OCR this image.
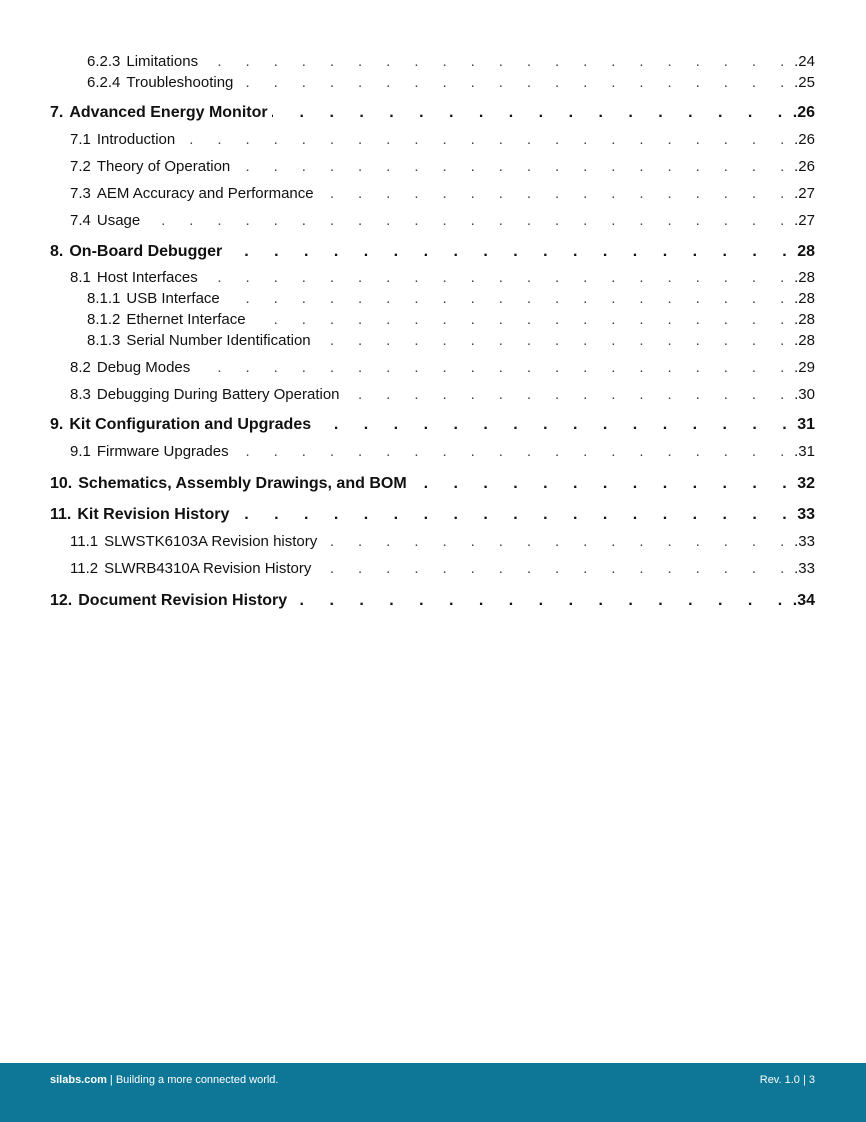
6.2.3 Limitations . . .	.24
6.2.4 Troubleshooting . . .	.25
7. Advanced Energy Monitor . . .	.26
7.1 Introduction . . .	.26
7.2 Theory of Operation . . .	.26
7.3 AEM Accuracy and Performance . . .	.27
7.4 Usage . . .	.27
8. On-Board Debugger . . .	28
8.1 Host Interfaces . . .	.28
8.1.1 USB Interface . . .	.28
8.1.2 Ethernet Interface . . .	.28
8.1.3 Serial Number Identification . . .	.28
8.2 Debug Modes . . .	.29
8.3 Debugging During Battery Operation . . .	.30
9. Kit Configuration and Upgrades . . .	31
9.1 Firmware Upgrades . . .	.31
10. Schematics, Assembly Drawings, and BOM . . .	32
11. Kit Revision History . . .	33
11.1 SLWSTK6103A Revision history . . .	.33
11.2 SLWRB4310A Revision History . . .	.33
12. Document Revision History . . .	.34
silabs.com | Building a more connected world.	Rev. 1.0 | 3
